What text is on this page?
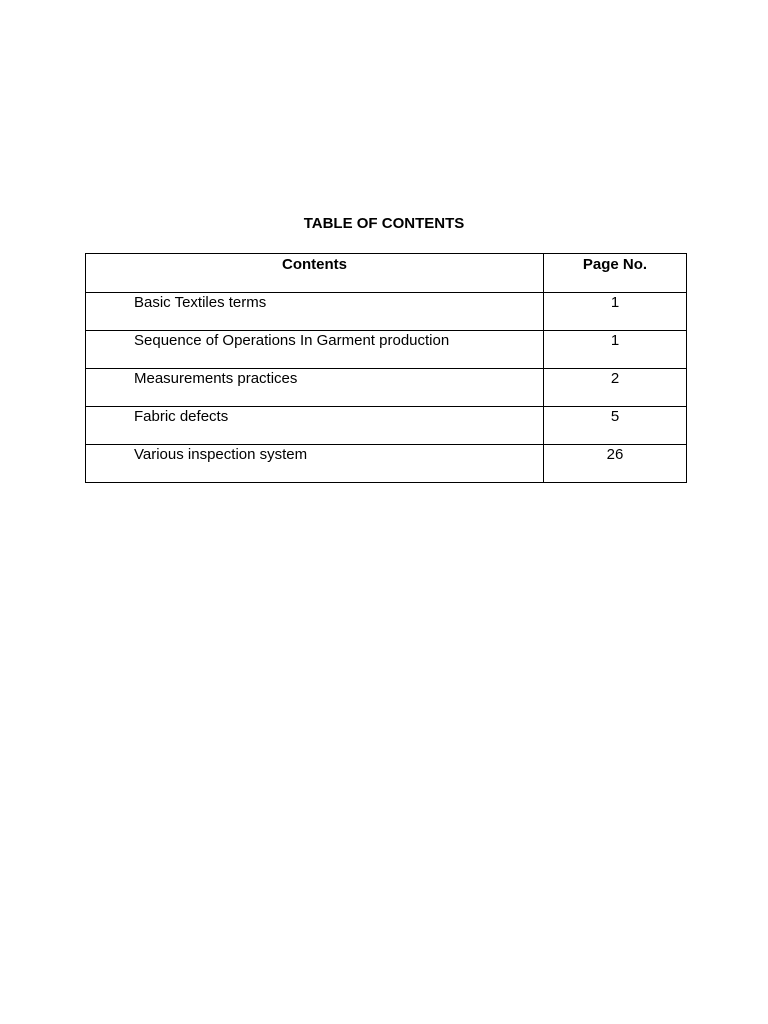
TABLE OF CONTENTS
Contents	Page No.
Basic Textiles terms	1
Sequence of Operations In Garment production	1
Measurements practices	2
Fabric defects	5
Various inspection system	26
